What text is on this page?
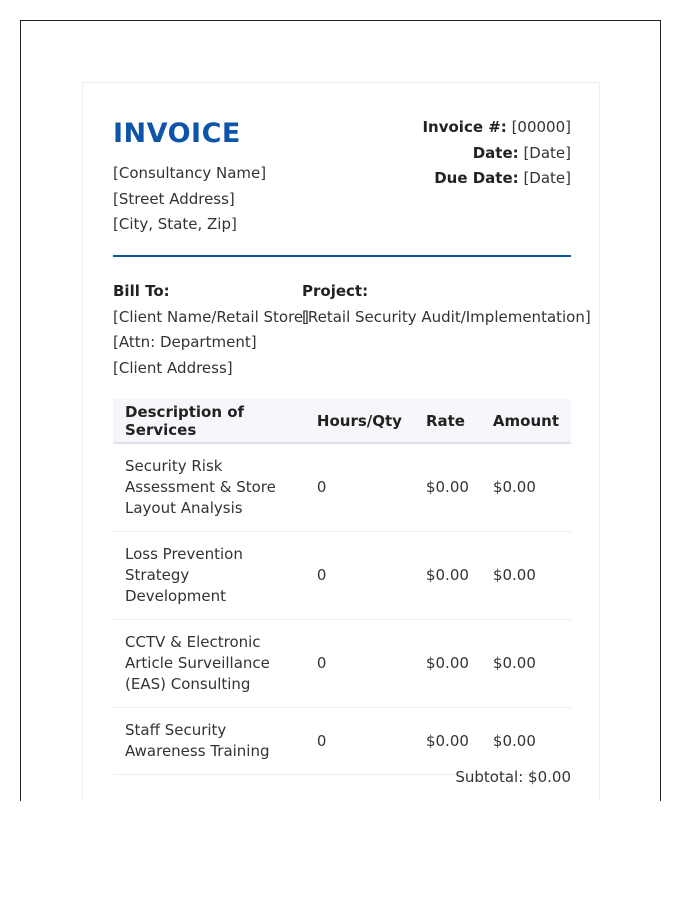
INVOICE
[Consultancy Name]
[Street Address]
[City, State, Zip]
Invoice #: [00000]
Date: [Date]
Due Date: [Date]
Bill To:
[Client Name/Retail Store]
[Attn: Department]
[Client Address]
Project:
[Retail Security Audit/Implementation]
Description of Services	Hours/Qty	Rate	Amount
Security Risk Assessment & Store Layout Analysis	0	$0.00	$0.00
Loss Prevention Strategy Development	0	$0.00	$0.00
CCTV & Electronic Article Surveillance (EAS) Consulting	0	$0.00	$0.00
Staff Security Awareness Training	0	$0.00	$0.00
Subtotal: $0.00
